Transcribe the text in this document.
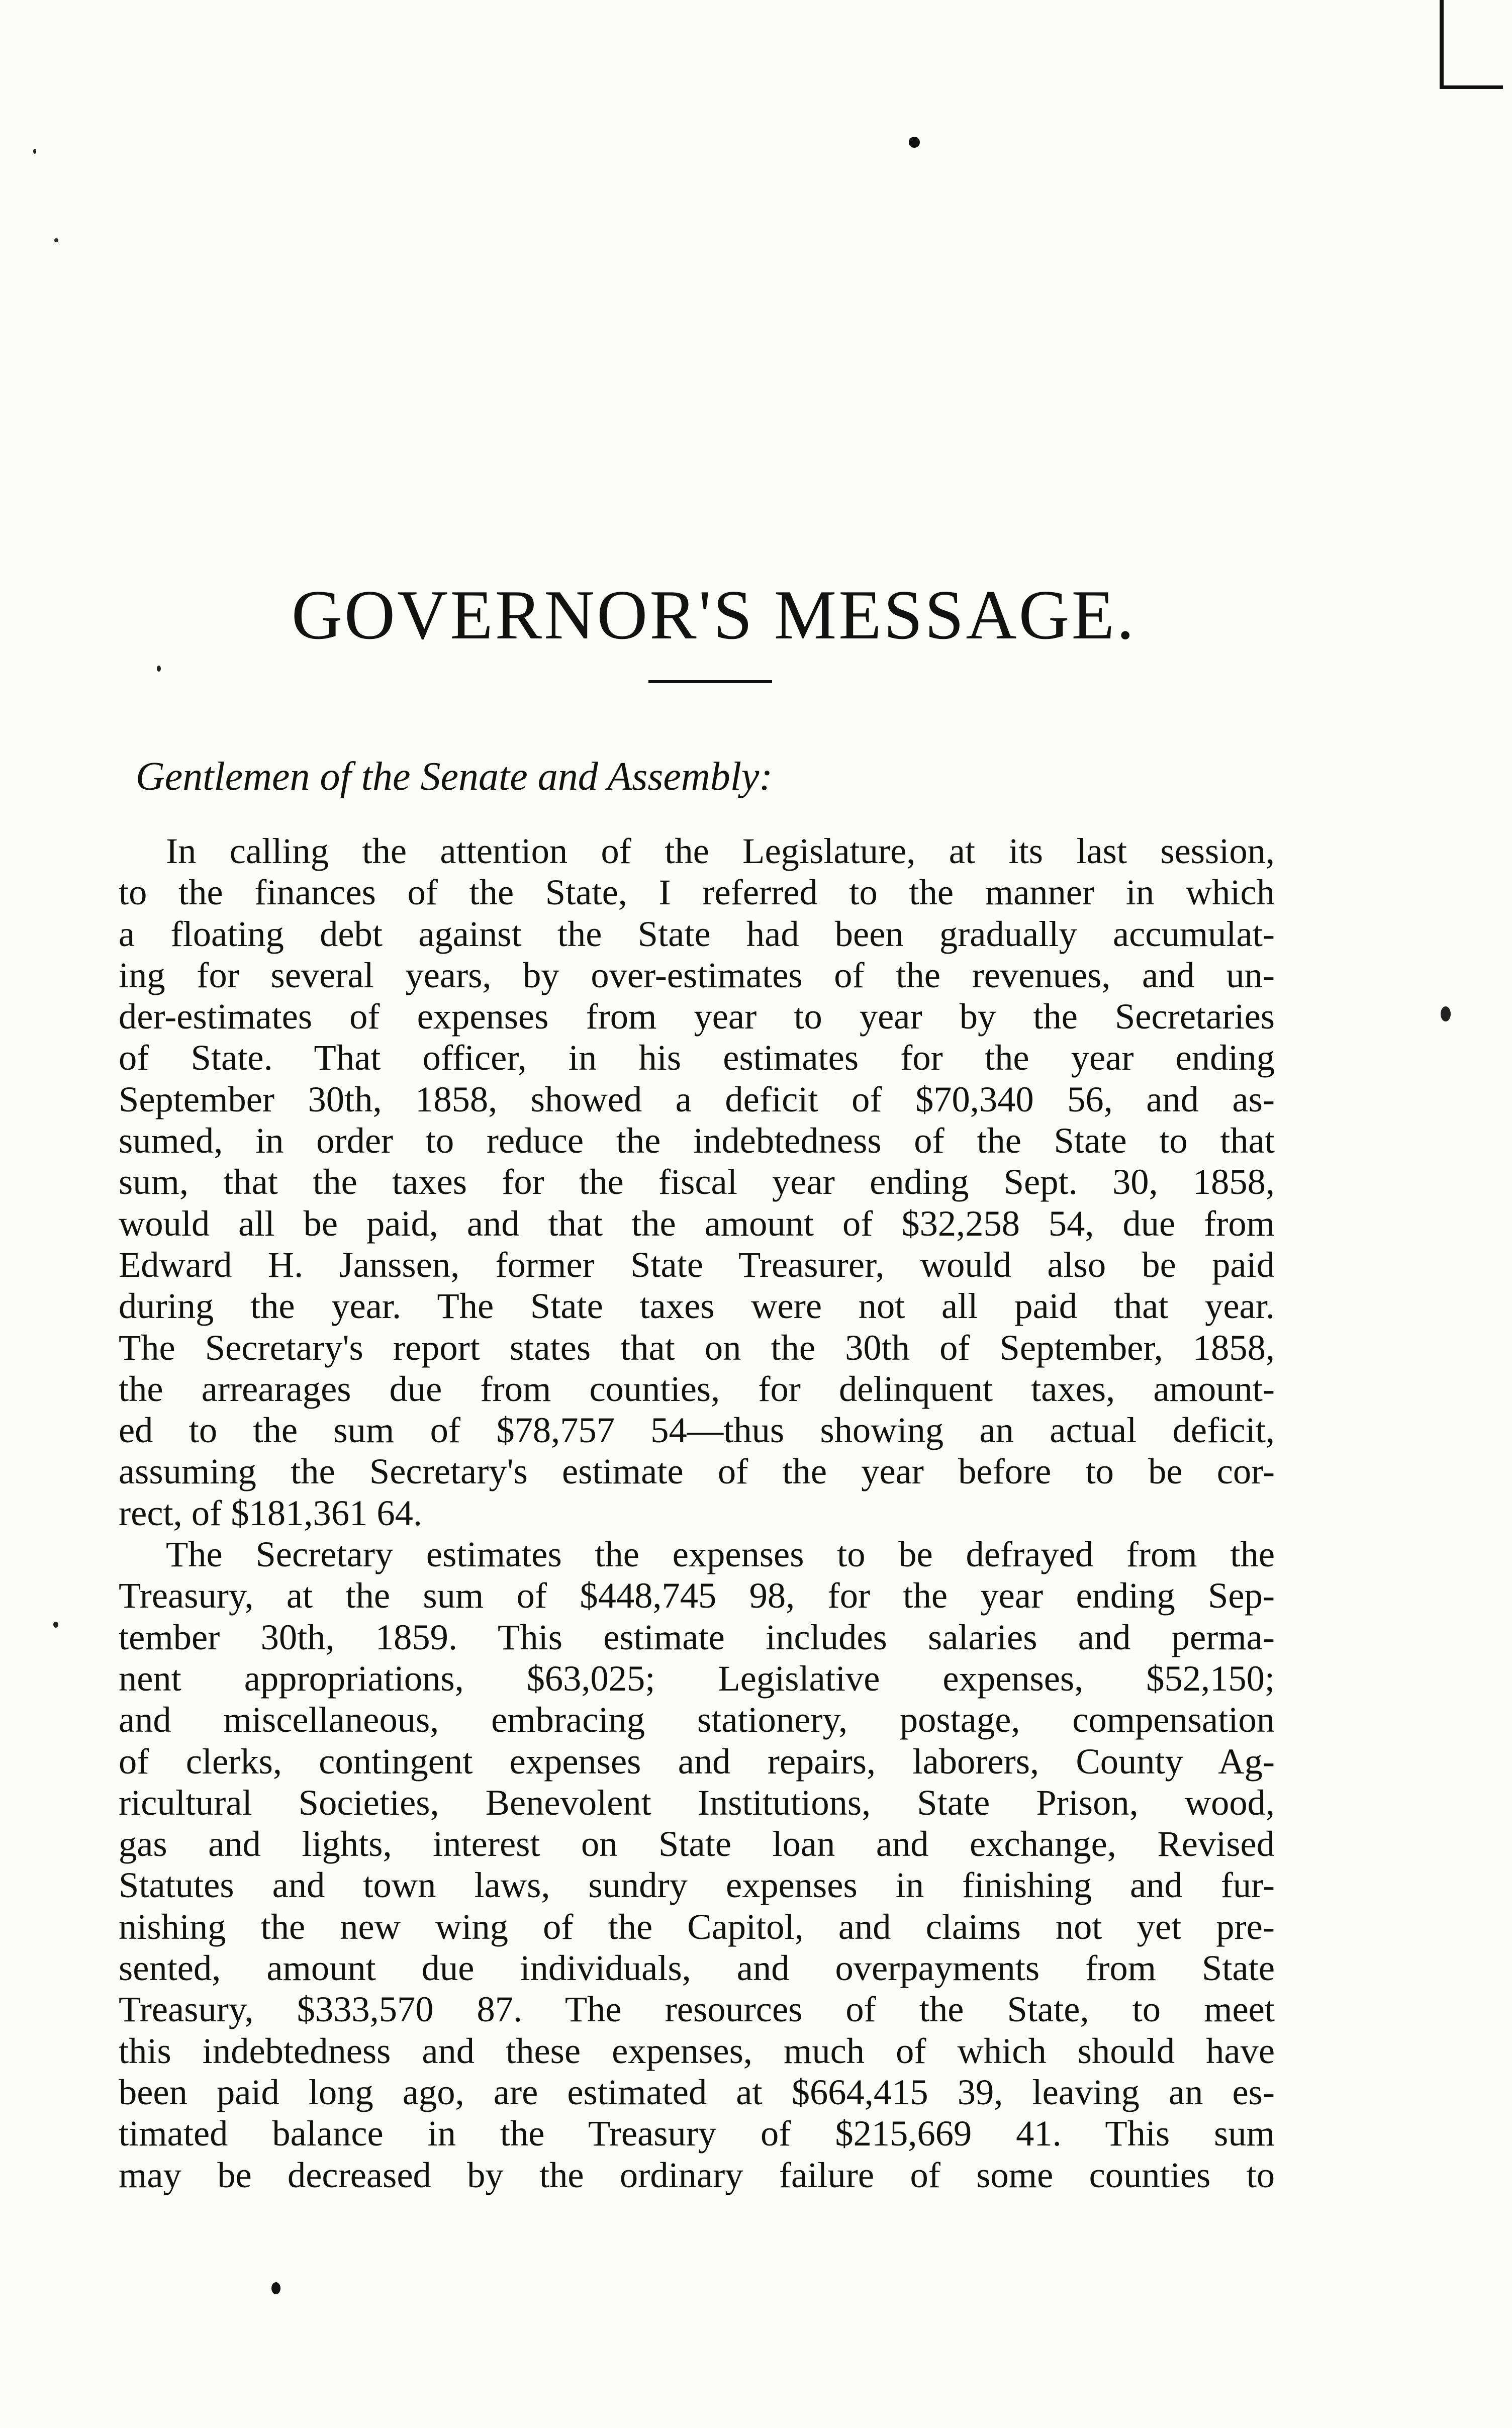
GOVERNOR'S MESSAGE.
Gentlemen of the Senate and Assembly:
In calling the attention of the Legislature, at its last session,
to the finances of the State, I referred to the manner in which
a floating debt against the State had been gradually accumulat-
ing for several years, by over-estimates of the revenues, and un-
der-estimates of expenses from year to year by the Secretaries
of State. That officer, in his estimates for the year ending
September 30th, 1858, showed a deficit of $70,340 56, and as-
sumed, in order to reduce the indebtedness of the State to that
sum, that the taxes for the fiscal year ending Sept. 30, 1858,
would all be paid, and that the amount of $32,258 54, due from
Edward H. Janssen, former State Treasurer, would also be paid
during the year. The State taxes were not all paid that year.
The Secretary's report states that on the 30th of September, 1858,
the arrearages due from counties, for delinquent taxes, amount-
ed to the sum of $78,757 54—thus showing an actual deficit,
assuming the Secretary's estimate of the year before to be cor-
rect, of $181,361 64.
The Secretary estimates the expenses to be defrayed from the
Treasury, at the sum of $448,745 98, for the year ending Sep-
tember 30th, 1859. This estimate includes salaries and perma-
nent appropriations, $63,025; Legislative expenses, $52,150;
and miscellaneous, embracing stationery, postage, compensation
of clerks, contingent expenses and repairs, laborers, County Ag-
ricultural Societies, Benevolent Institutions, State Prison, wood,
gas and lights, interest on State loan and exchange, Revised
Statutes and town laws, sundry expenses in finishing and fur-
nishing the new wing of the Capitol, and claims not yet pre-
sented, amount due individuals, and overpayments from State
Treasury, $333,570 87. The resources of the State, to meet
this indebtedness and these expenses, much of which should have
been paid long ago, are estimated at $664,415 39, leaving an es-
timated balance in the Treasury of $215,669 41. This sum
may be decreased by the ordinary failure of some counties to
